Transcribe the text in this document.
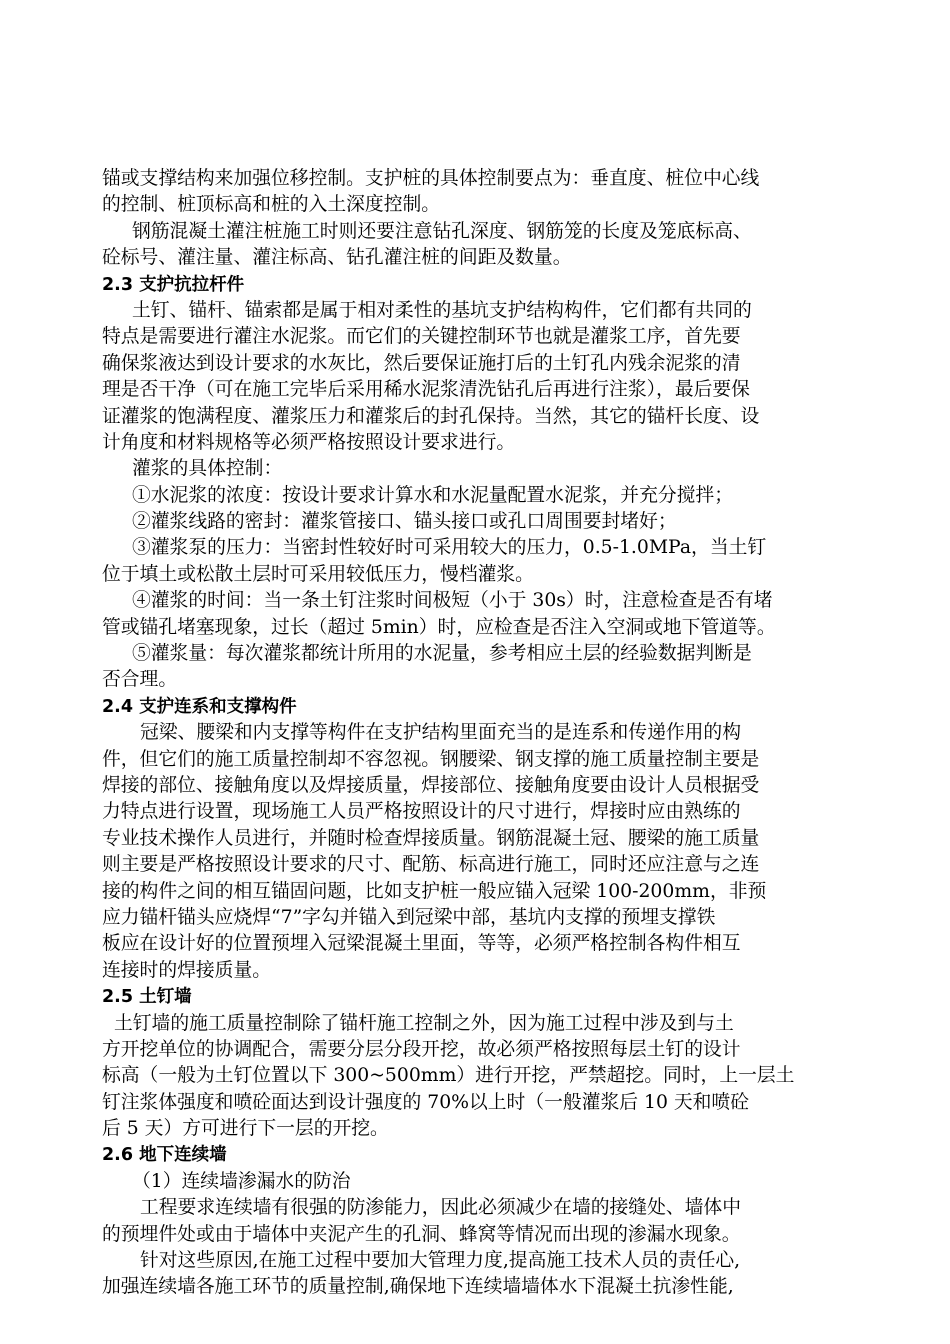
锚或支撑结构来加强位移控制。支护桩的具体控制要点为：垂直度、桩位中心线
的控制、桩顶标高和桩的入土深度控制。
钢筋混凝土灌注桩施工时则还要注意钻孔深度、钢筋笼的长度及笼底标高、
砼标号、灌注量、灌注标高、钻孔灌注桩的间距及数量。
2.3 支护抗拉杆件
土钉、锚杆、锚索都是属于相对柔性的基坑支护结构构件，它们都有共同的
特点是需要进行灌注水泥浆。而它们的关键控制环节也就是灌浆工序，首先要
确保浆液达到设计要求的水灰比，然后要保证施打后的土钉孔内残余泥浆的清
理是否干净（可在施工完毕后采用稀水泥浆清洗钻孔后再进行注浆），最后要保
证灌浆的饱满程度、灌浆压力和灌浆后的封孔保持。当然，其它的锚杆长度、设
计角度和材料规格等必须严格按照设计要求进行。
灌浆的具体控制：
①水泥浆的浓度：按设计要求计算水和水泥量配置水泥浆，并充分搅拌；
②灌浆线路的密封：灌浆管接口、锚头接口或孔口周围要封堵好；
③灌浆泵的压力：当密封性较好时可采用较大的压力，0.5-1.0MPa，当土钉
位于填土或松散土层时可采用较低压力，慢档灌浆。
④灌浆的时间：当一条土钉注浆时间极短（小于 30s）时，注意检查是否有堵
管或锚孔堵塞现象，过长（超过 5min）时，应检查是否注入空洞或地下管道等。
⑤灌浆量：每次灌浆都统计所用的水泥量，参考相应土层的经验数据判断是
否合理。
2.4 支护连系和支撑构件
冠梁、腰梁和内支撑等构件在支护结构里面充当的是连系和传递作用的构
件，但它们的施工质量控制却不容忽视。钢腰梁、钢支撑的施工质量控制主要是
焊接的部位、接触角度以及焊接质量，焊接部位、接触角度要由设计人员根据受
力特点进行设置，现场施工人员严格按照设计的尺寸进行，焊接时应由熟练的
专业技术操作人员进行，并随时检查焊接质量。钢筋混凝土冠、腰梁的施工质量
则主要是严格按照设计要求的尺寸、配筋、标高进行施工，同时还应注意与之连
接的构件之间的相互锚固问题，比如支护桩一般应锚入冠梁 100-200mm，非预
应力锚杆锚头应烧焊“7”字勾并锚入到冠梁中部，基坑内支撑的预埋支撑铁
板应在设计好的位置预埋入冠梁混凝土里面，等等，必须严格控制各构件相互
连接时的焊接质量。
2.5 土钉墙
土钉墙的施工质量控制除了锚杆施工控制之外，因为施工过程中涉及到与土
方开挖单位的协调配合，需要分层分段开挖，故必须严格按照每层土钉的设计
标高（一般为土钉位置以下 300~500mm）进行开挖，严禁超挖。同时，上一层土
钉注浆体强度和喷砼面达到设计强度的 70%以上时（一般灌浆后 10 天和喷砼
后 5 天）方可进行下一层的开挖。
2.6 地下连续墙
（1）连续墙渗漏水的防治
工程要求连续墙有很强的防渗能力，因此必须减少在墙的接缝处、墙体中
的预埋件处或由于墙体中夹泥产生的孔洞、蜂窝等情况而出现的渗漏水现象。
针对这些原因,在施工过程中要加大管理力度,提高施工技术人员的责任心,
加强连续墙各施工环节的质量控制,确保地下连续墙墙体水下混凝土抗渗性能,
